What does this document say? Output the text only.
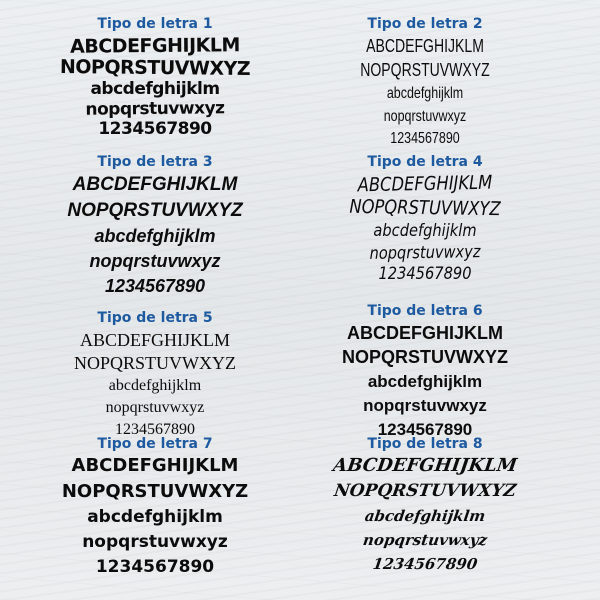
Tipo de letra 1
ABCDEFGHIJKLM
NOPQRSTUVWXYZ
abcdefghijklm
nopqrstuvwxyz
1234567890
Tipo de letra 2
ABCDEFGHIJKLM
NOPQRSTUVWXYZ
abcdefghijklm
nopqrstuvwxyz
1234567890
Tipo de letra 3
ABCDEFGHIJKLM
NOPQRSTUVWXYZ
abcdefghijklm
nopqrstuvwxyz
1234567890
Tipo de letra 4
ABCDEFGHIJKLM
NOPQRSTUVWXYZ
abcdefghijklm
nopqrstuvwxyz
1234567890
Tipo de letra 5
ABCDEFGHIJKLM
NOPQRSTUVWXYZ
abcdefghijklm
nopqrstuvwxyz
1234567890
Tipo de letra 6
ABCDEFGHIJKLM
NOPQRSTUVWXYZ
abcdefghijklm
nopqrstuvwxyz
1234567890
Tipo de letra 7
ABCDEFGHIJKLM
NOPQRSTUVWXYZ
abcdefghijklm
nopqrstuvwxyz
1234567890
Tipo de letra 8
ABCDEFGHIJKLM
NOPQRSTUVWXYZ
abcdefghijklm
nopqrstuvwxyz
1234567890
